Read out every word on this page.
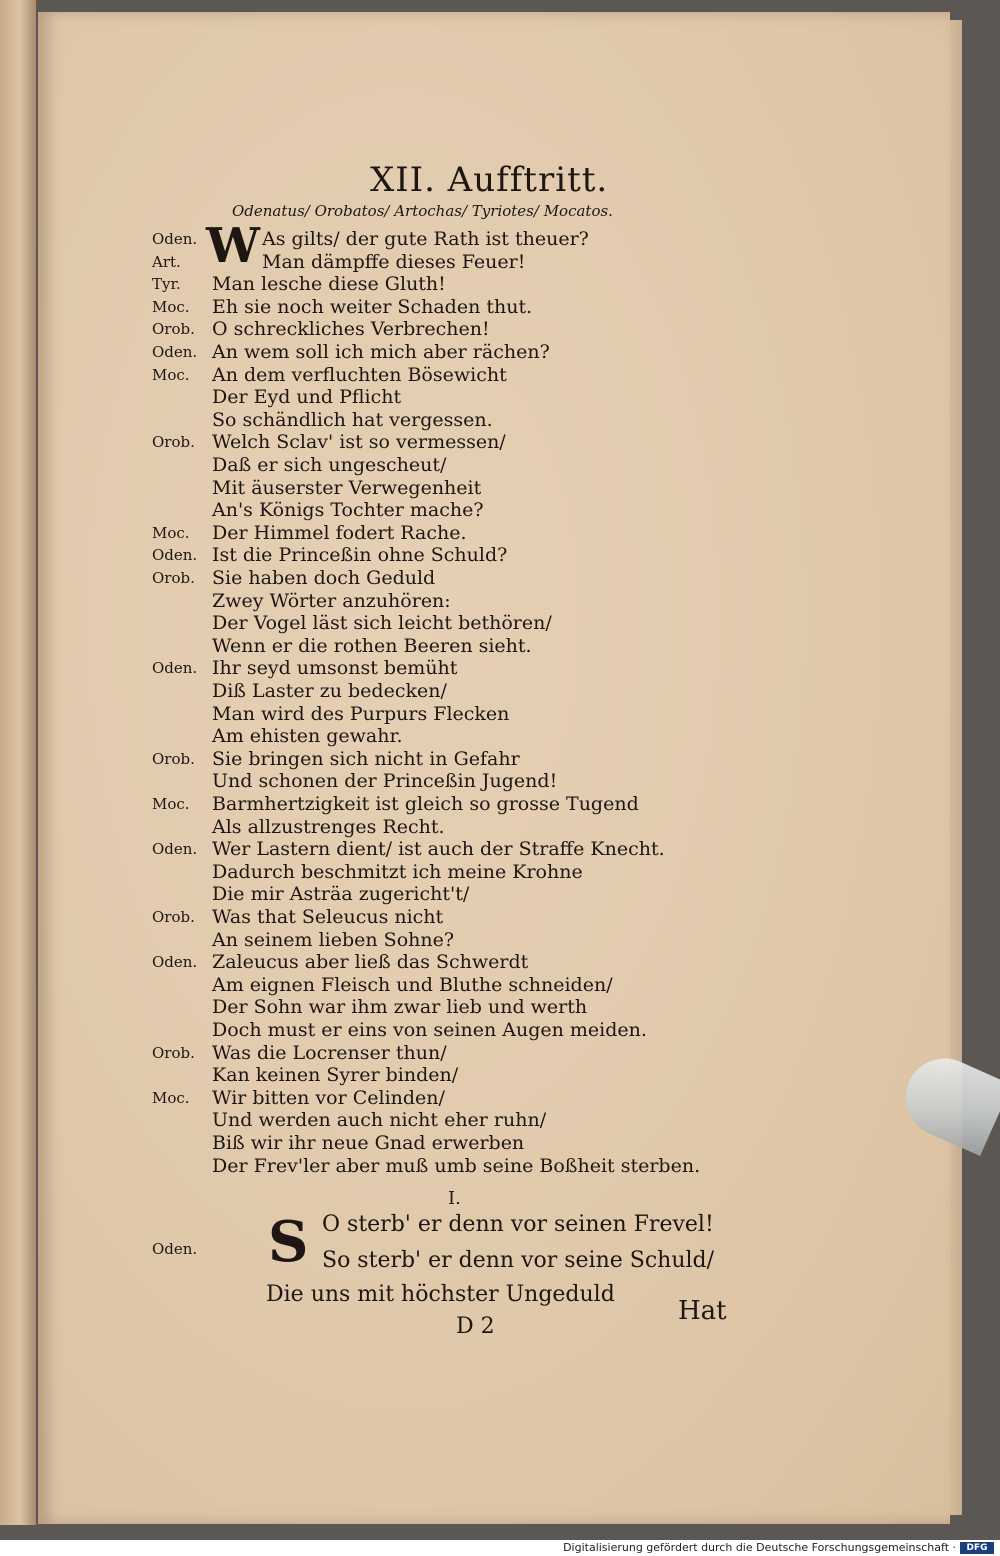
XII. Aufftritt.
Odenatus/ Orobatos/ Artochas/ Tyriotes/ Mocatos.
Oden.	As gilts/ der gute Rath ist theuer?
Art.	Man dämpffe dieses Feuer!
Tyr. Man lesche diese Gluth!
Moc. Eh sie noch weiter Schaden thut.
Orob. O schreckliches Verbrechen!
Oden. An wem soll ich mich aber rächen?
Moc. An dem verfluchten Bösewicht
Der Eyd und Pflicht
So schändlich hat vergessen.
Orob. Welch Sclav' ist so vermessen/
Daß er sich ungescheut/
Mit äuserster Verwegenheit
An's Königs Tochter mache?
Moc. Der Himmel fodert Rache.
Oden. Ist die Princeßin ohne Schuld?
Orob. Sie haben doch Geduld
Zwey Wörter anzuhören:
Der Vogel läst sich leicht bethören/
Wenn er die rothen Beeren sieht.
Oden. Ihr seyd umsonst bemüht
Diß Laster zu bedecken/
Man wird des Purpurs Flecken
Am ehisten gewahr.
Orob. Sie bringen sich nicht in Gefahr
Und schonen der Princeßin Jugend!
Moc. Barmhertzigkeit ist gleich so grosse Tugend
Als allzustrenges Recht.
Oden. Wer Lastern dient/ ist auch der Straffe Knecht.
Dadurch beschmitzt ich meine Krohne
Die mir Asträa zugericht't/
Orob. Was that Seleucus nicht
An seinem lieben Sohne?
Oden. Zaleucus aber ließ das Schwerdt
Am eignen Fleisch und Bluthe schneiden/
Der Sohn war ihm zwar lieb und werth
Doch must er eins von seinen Augen meiden.
Orob. Was die Locrenser thun/
Kan keinen Syrer binden/
Moc. Wir bitten vor Celinden/
Und werden auch nicht eher ruhn/
Biß wir ihr neue Gnad erwerben
Der Frev'ler aber muß umb seine Boßheit sterben.
W
I.
Oden. S O sterb' er denn vor seinen Frevel!
So sterb' er denn vor seine Schuld/
Die uns mit höchster Ungeduld
D 2
Hat
Digitalisierung gefördert durch die Deutsche Forschungsgemeinschaft ·	DFG
